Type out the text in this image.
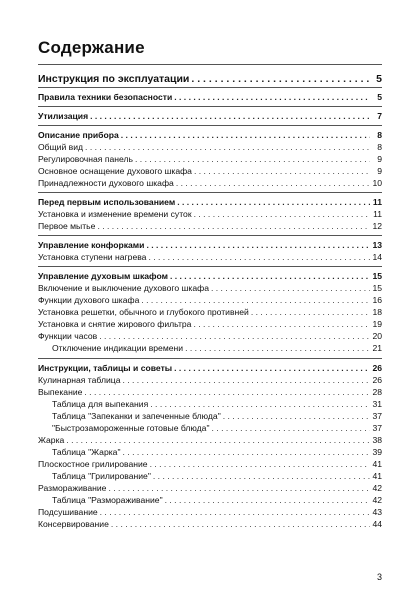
Содержание
Инструкция по эксплуатации . . .	5
Правила техники безопасности . . .	5
Утилизация . . .	7
Описание прибора . . .	8
Общий вид . . .	8
Регулировочная панель . . .	9
Основное оснащение духового шкафа . . .	9
Принадлежности духового шкафа . . .	10
Перед первым использованием . . .	11
Установка и изменение времени суток . . .	11
Первое мытье . . .	12
Управление конфорками . . .	13
Установка ступени нагрева . . .	14
Управление духовым шкафом . . .	15
Включение и выключение духового шкафа . . .	15
Функции духового шкафа . . .	16
Установка решетки, обычного и глубокого противней . . .	18
Установка и снятие жирового фильтра . . .	19
Функции часов . . .	20
Отключение индикации времени . . .	21
Инструкции, таблицы и советы . . .	26
Кулинарная таблица . . .	26
Выпекание . . .	28
Таблица для выпекания . . .	31
Таблица "Запеканки и запеченные блюда" . . .	37
"Быстрозамороженные готовые блюда" . . .	37
Жарка . . .	38
Таблица "Жарка" . . .	39
Плоскостное грилирование . . .	41
Таблица "Грилирование" . . .	41
Размораживание . . .	42
Таблица "Размораживание" . . .	42
Подсушивание . . .	43
Консервирование . . .	44
3
